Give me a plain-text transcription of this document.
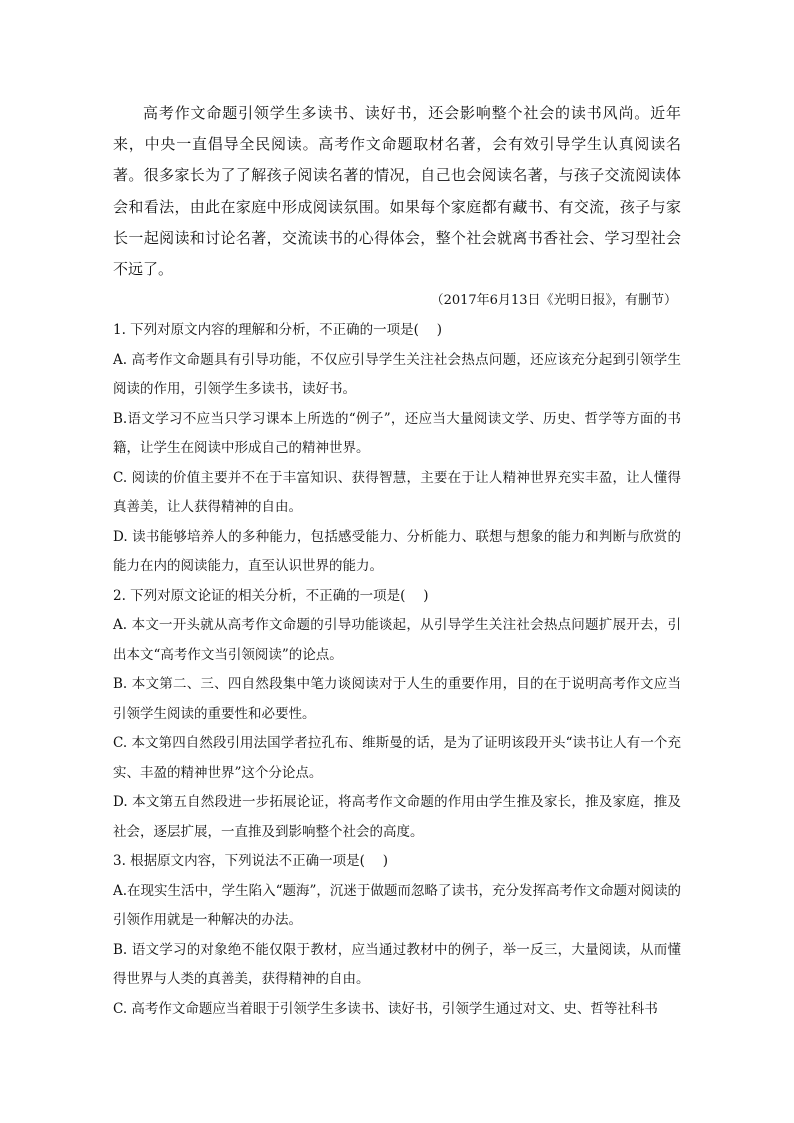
高考作文命题引领学生多读书、读好书，还会影响整个社会的读书风尚。近年来，中央一直倡导全民阅读。高考作文命题取材名著，会有效引导学生认真阅读名著。很多家长为了了解孩子阅读名著的情况，自己也会阅读名著，与孩子交流阅读体会和看法，由此在家庭中形成阅读氛围。如果每个家庭都有藏书、有交流，孩子与家长一起阅读和讨论名著，交流读书的心得体会，整个社会就离书香社会、学习型社会不远了。

（2017年6月13日《光明日报》，有删节）

1. 下列对原文内容的理解和分析，不正确的一项是(　 )

A. 高考作文命题具有引导功能，不仅应引导学生关注社会热点问题，还应该充分起到引领学生阅读的作用，引领学生多读书，读好书。

B.语文学习不应当只学习课本上所选的“例子”，还应当大量阅读文学、历史、哲学等方面的书籍，让学生在阅读中形成自己的精神世界。

C. 阅读的价值主要并不在于丰富知识、获得智慧，主要在于让人精神世界充实丰盈，让人懂得真善美，让人获得精神的自由。

D. 读书能够培养人的多种能力，包括感受能力、分析能力、联想与想象的能力和判断与欣赏的能力在内的阅读能力，直至认识世界的能力。

2. 下列对原文论证的相关分析，不正确的一项是(　 )

A. 本文一开头就从高考作文命题的引导功能谈起，从引导学生关注社会热点问题扩展开去，引出本文“高考作文当引领阅读”的论点。

B. 本文第二、三、四自然段集中笔力谈阅读对于人生的重要作用，目的在于说明高考作文应当引领学生阅读的重要性和必要性。

C. 本文第四自然段引用法国学者拉孔布、维斯曼的话，是为了证明该段开头“读书让人有一个充实、丰盈的精神世界”这个分论点。

D. 本文第五自然段进一步拓展论证，将高考作文命题的作用由学生推及家长，推及家庭，推及社会，逐层扩展，一直推及到影响整个社会的高度。

3. 根据原文内容，下列说法不正确一项是(　 )

A.在现实生活中，学生陷入“题海”，沉迷于做题而忽略了读书，充分发挥高考作文命题对阅读的引领作用就是一种解决的办法。

B. 语文学习的对象绝不能仅限于教材，应当通过教材中的例子，举一反三，大量阅读，从而懂得世界与人类的真善美，获得精神的自由。

C. 高考作文命题应当着眼于引领学生多读书、读好书，引领学生通过对文、史、哲等社科书
